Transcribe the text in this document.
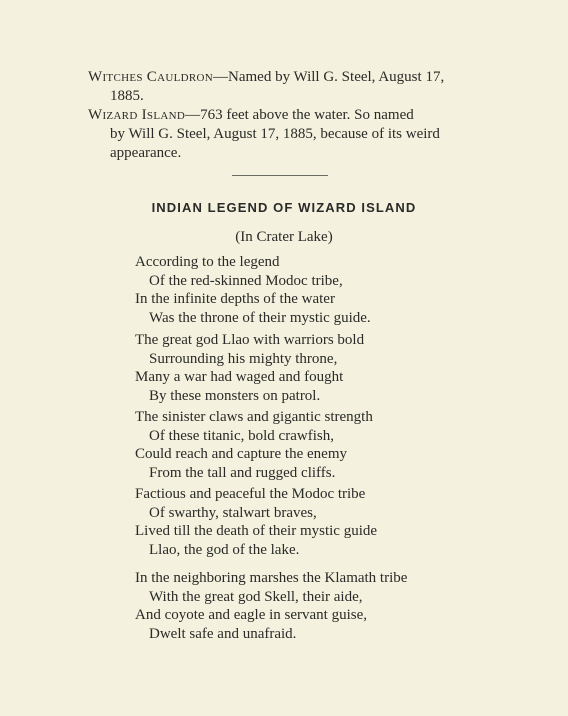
Witches Cauldron—Named by Will G. Steel, August 17,
1885.
Wizard Island—763 feet above the water. So named
by Will G. Steel, August 17, 1885, because of its weird
appearance.
INDIAN LEGEND OF WIZARD ISLAND
(In Crater Lake)
According to the legend
Of the red-skinned Modoc tribe,
In the infinite depths of the water
Was the throne of their mystic guide.
The great god Llao with warriors bold
Surrounding his mighty throne,
Many a war had waged and fought
By these monsters on patrol.
The sinister claws and gigantic strength
Of these titanic, bold crawfish,
Could reach and capture the enemy
From the tall and rugged cliffs.
Factious and peaceful the Modoc tribe
Of swarthy, stalwart braves,
Lived till the death of their mystic guide
Llao, the god of the lake.
In the neighboring marshes the Klamath tribe
With the great god Skell, their aide,
And coyote and eagle in servant guise,
Dwelt safe and unafraid.
